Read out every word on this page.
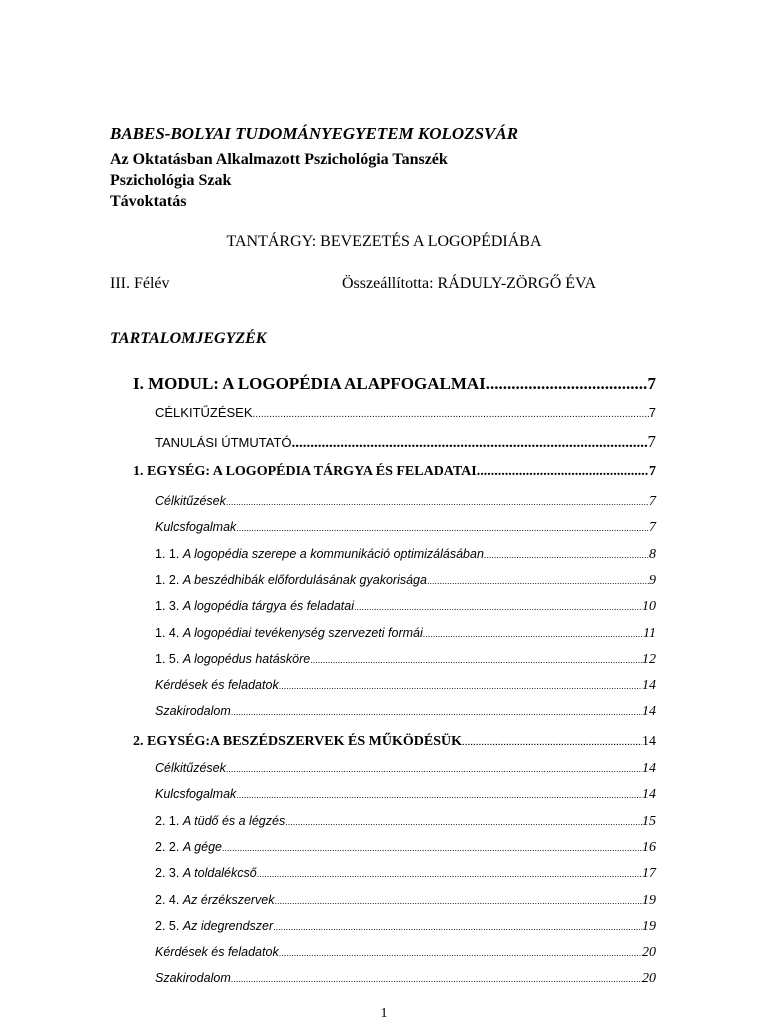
BABES-BOLYAI TUDOMÁNYEGYETEM KOLOZSVÁR
Az Oktatásban Alkalmazott Pszichológia Tanszék
Pszichológia Szak
Távoktatás
TANTÁRGY: BEVEZETÉS A LOGOPÉDIÁBA
III. Félév	Összeállította: RÁDULY-ZÖRGŐ ÉVA
TARTALOMJEGYZÉK
I. MODUL: A LOGOPÉDIA ALAPFOGALMAI .....	7
CÉLKITŰZÉSEK .....	7
TANULÁSI ÚTMUTATÓ .....	7
1. EGYSÉG: A LOGOPÉDIA TÁRGYA ÉS FELADATAI .....	7
Célkitűzések .....	7
Kulcsfogalmak .....	7
1. 1. A logopédia szerepe a kommunikáció optimizálásában .....	8
1. 2. A beszédhibák előfordulásának gyakorisága .....	9
1. 3. A logopédia tárgya és feladatai .....	10
1. 4. A logopédiai tevékenység szervezeti formái .....	11
1. 5. A logopédus hatásköre .....	12
Kérdések és feladatok .....	14
Szakirodalom .....	14
2. EGYSÉG:A BESZÉDSZERVEK ÉS MŰKÖDÉSÜK .....	14
Célkitűzések .....	14
Kulcsfogalmak .....	14
2. 1. A tüdő és a légzés .....	15
2. 2. A gége .....	16
2. 3. A toldalékcső .....	17
2. 4. Az érzékszervek .....	19
2. 5. Az idegrendszer .....	19
Kérdések és feladatok .....	20
Szakirodalom .....	20
1
